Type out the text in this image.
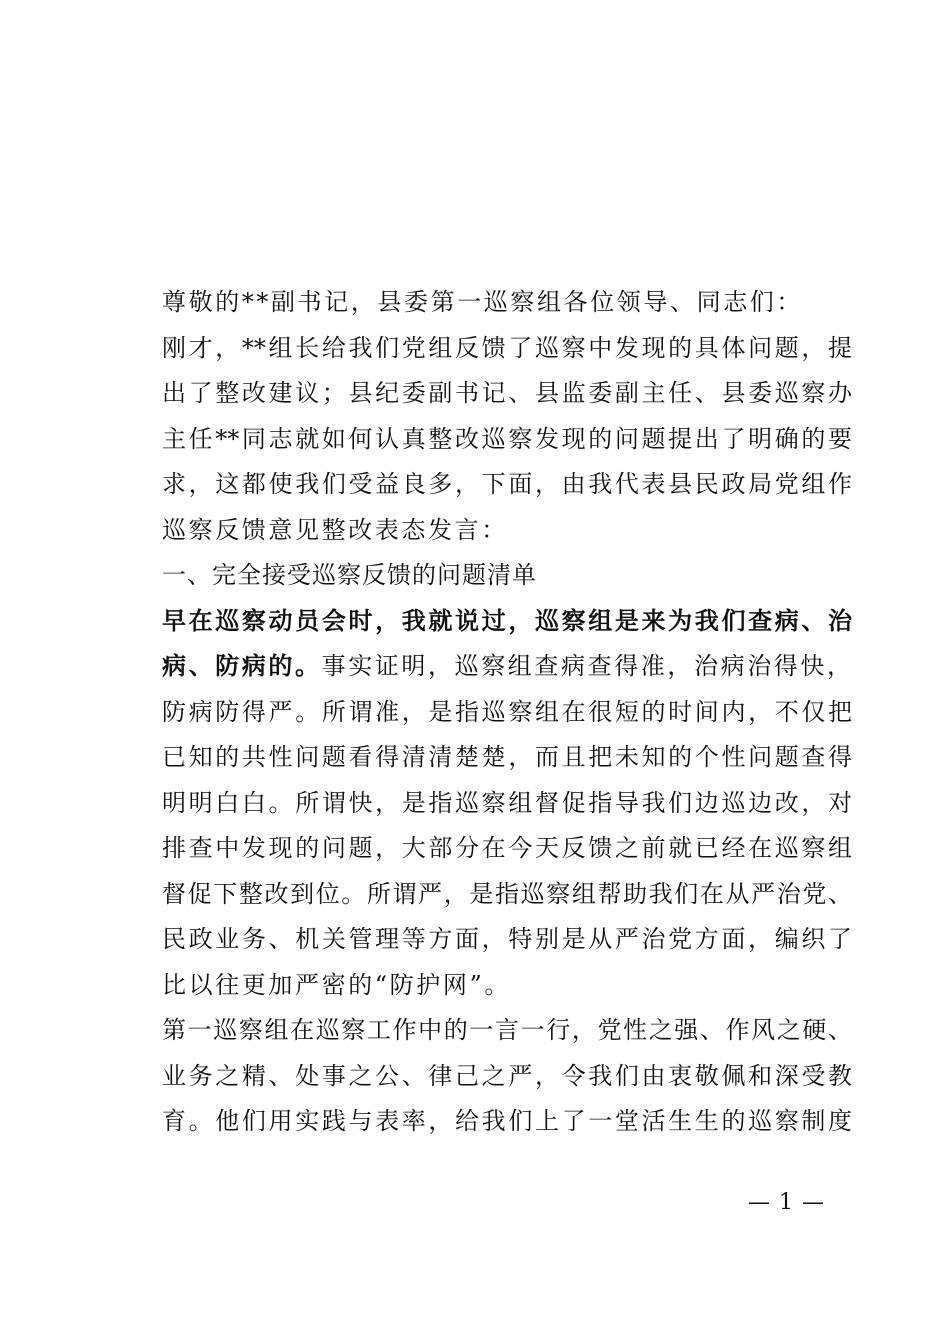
尊敬的**副书记，县委第一巡察组各位领导、同志们：
刚才，**组长给我们党组反馈了巡察中发现的具体问题，提
出了整改建议；县纪委副书记、县监委副主任、县委巡察办
主任**同志就如何认真整改巡察发现的问题提出了明确的要
求，这都使我们受益良多，下面，由我代表县民政局党组作
巡察反馈意见整改表态发言：
一、完全接受巡察反馈的问题清单
早在巡察动员会时，我就说过，巡察组是来为我们查病、治
病、防病的。事实证明，巡察组查病查得准，治病治得快，
防病防得严。所谓准，是指巡察组在很短的时间内，不仅把
已知的共性问题看得清清楚楚，而且把未知的个性问题查得
明明白白。所谓快，是指巡察组督促指导我们边巡边改，对
排查中发现的问题，大部分在今天反馈之前就已经在巡察组
督促下整改到位。所谓严，是指巡察组帮助我们在从严治党、
民政业务、机关管理等方面，特别是从严治党方面，编织了
比以往更加严密的“防护网”。
第一巡察组在巡察工作中的一言一行，党性之强、作风之硬、
业务之精、处事之公、律己之严，令我们由衷敬佩和深受教
育。他们用实践与表率，给我们上了一堂活生生的巡察制度
— 1 —
